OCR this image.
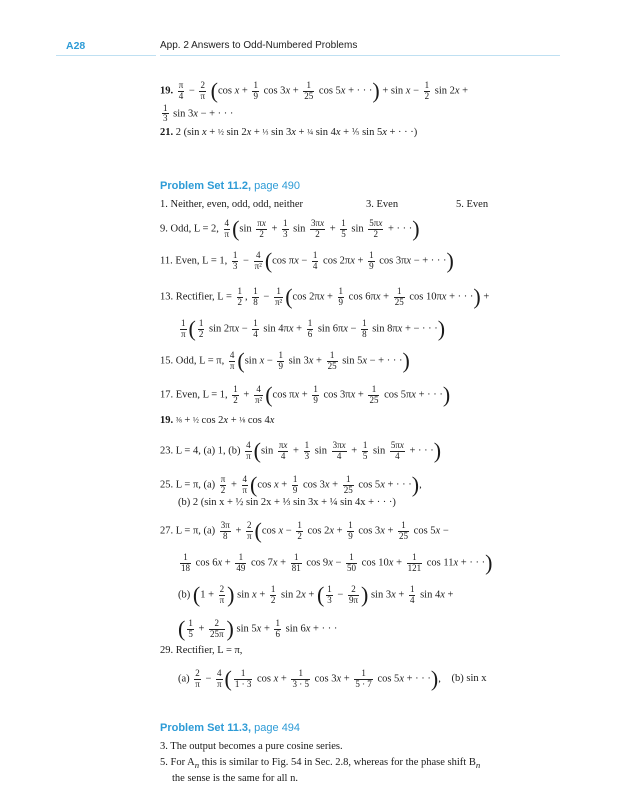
A28	App. 2 Answers to Odd-Numbered Problems
19. $\frac{\pi}{4} - \frac{2}{\pi} (\cos$ $x + \frac{1}{9}$ $\cos 3x + \frac{1}{25}$ cos 5x + · · ·) + $\sin x - \frac{1}{2}$ sin 2x +
$\frac{1}{3}$ sin 3x − + · · ·
21. 2 (sin x + ½ sin 2x + ⅓ sin 3x + ¼ sin 4x + ⅕ sin 5x + · · ·)
Problem Set 11.2, page 490
1. Neither, even, odd, odd, neither	3. Even	5. Even
9. Odd, L = 2, $\frac{4}{\pi} (\sin \frac{\pi x}{2} + \frac{1}{3}$ $\sin \frac{3\pi x}{2} + \frac{1}{5}$ $\sin \frac{5\pi x}{2}$ + · · ·)
11. Even, L = 1, $\frac{1}{3} - \frac{4}{\text{π²}} (\cos$ $\pi x - \frac{1}{4}$ $\cos 2\pi x + \frac{1}{9}$ cos 3πx − + · · ·)
13. Rectifier, $L = \frac{1}{2}$ , $\frac{1}{8} - \frac{1}{\text{π²}} (\cos$ $2\pi x + \frac{1}{9}$ $\cos 6\pi x + \frac{1}{25}$ cos 10πx + · · ·) +
$\frac{1}{\pi}$ ( $\frac{1}{2}$ $\sin 2\pi x - \frac{1}{4}$ $\sin 4\pi x + \frac{1}{6}$ $\sin 6\pi x - \frac{1}{8}$ sin 8πx + − · · ·)
15. Odd, L = π, $\frac{4}{\pi} (\sin$ $x - \frac{1}{9}$ $\sin 3x + \frac{1}{25}$ sin 5x − + · · ·)
17. Even, L = 1, $\frac{1}{2} + \frac{4}{\text{π²}} (\cos$ $\pi x + \frac{1}{9}$ $\cos 3\pi x + \frac{1}{25}$ cos 5πx + · · ·)
19. ⅜ + ½ cos 2x + ⅛ cos 4x
23. L = 4, (a) 1, $(b) \frac{4}{\pi} (\sin \frac{\pi x}{4} + \frac{1}{3}$ $\sin \frac{3\pi x}{4} + \frac{1}{5}$ $\sin \frac{5\pi x}{4}$ + · · ·)
25. L = π, $(a) \frac{\pi}{2} + \frac{4}{\pi} (\cos$ $x + \frac{1}{9}$ $\cos 3x + \frac{1}{25}$ cos 5x + · · ·),
(b) 2 (sin x + ½ sin 2x + ⅓ sin 3x + ¼ sin 4x + · · ·)
27. L = π, $(a) \frac{3\pi}{8} + \frac{2}{\pi} (\cos$ $x - \frac{1}{2}$ $\cos 2x + \frac{1}{9}$ $\cos 3x + \frac{1}{25}$ cos 5x −
$\frac{1}{18}$ $\cos 6x + \frac{1}{49}$ $\cos 7x + \frac{1}{81}$ $\cos 9x - \frac{1}{50}$ $\cos 10x + \frac{1}{121}$ cos 11x + · · ·)
(b) ($1 + \frac{2}{\pi}$ ) $\sin x + \frac{1}{2}$ sin 2x + ( $\frac{1}{3} - \frac{2}{9\pi}$ ) $\sin 3x + \frac{1}{4}$ sin 4x +
( $\frac{1}{5} + \frac{2}{25\pi}$ ) $\sin 5x + \frac{1}{6}$ sin 6x + · · ·
29. Rectifier, L = π,
$(a) \frac{2}{\pi} - \frac{4}{\pi}$ ( $\frac{1}{1 \cdot 3}$ $\cos x + \frac{1}{3 \cdot 5}$ $\cos 3x + \frac{1}{5 \cdot 7}$ cos 5x + · · ·), (b) sin x
Problem Set 11.3, page 494
3. The output becomes a pure cosine series.
5. For $A_n$ this is similar to Fig. 54 in Sec. 2.8, whereas for the phase shift $B_n$
the sense is the same for all n.
